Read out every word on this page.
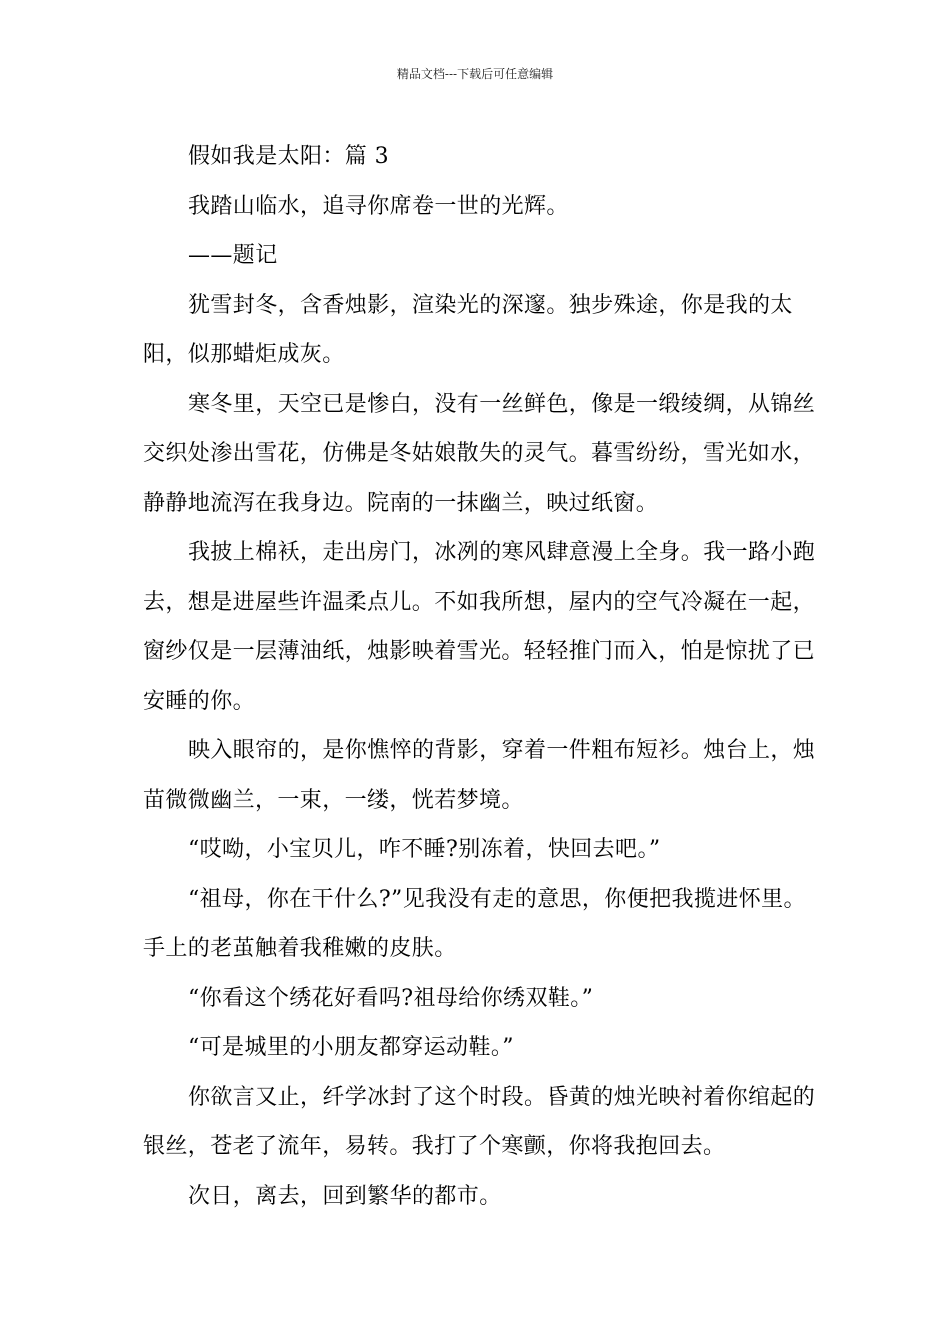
精品文档---下载后可任意编辑

假如我是太阳：篇 3

我踏山临水，追寻你席卷一世的光辉。

——题记

犹雪封冬，含香烛影，渲染光的深邃。独步殊途，你是我的太阳，似那蜡炬成灰。

寒冬里，天空已是惨白，没有一丝鲜色，像是一缎绫绸，从锦丝交织处渗出雪花，仿佛是冬姑娘散失的灵气。暮雪纷纷，雪光如水，静静地流泻在我身边。院南的一抹幽兰，映过纸窗。

我披上棉袄，走出房门，冰冽的寒风肆意漫上全身。我一路小跑去，想是进屋些许温柔点儿。不如我所想，屋内的空气冷凝在一起，窗纱仅是一层薄油纸，烛影映着雪光。轻轻推门而入，怕是惊扰了已安睡的你。

映入眼帘的，是你憔悴的背影，穿着一件粗布短衫。烛台上，烛苗微微幽兰，一束，一缕，恍若梦境。

“哎呦，小宝贝儿，咋不睡?别冻着，快回去吧。”

“祖母，你在干什么?”见我没有走的意思，你便把我揽进怀里。手上的老茧触着我稚嫩的皮肤。

“你看这个绣花好看吗?祖母给你绣双鞋。”

“可是城里的小朋友都穿运动鞋。”

你欲言又止，纤学冰封了这个时段。昏黄的烛光映衬着你绾起的银丝，苍老了流年，易转。我打了个寒颤，你将我抱回去。

次日，离去，回到繁华的都市。
